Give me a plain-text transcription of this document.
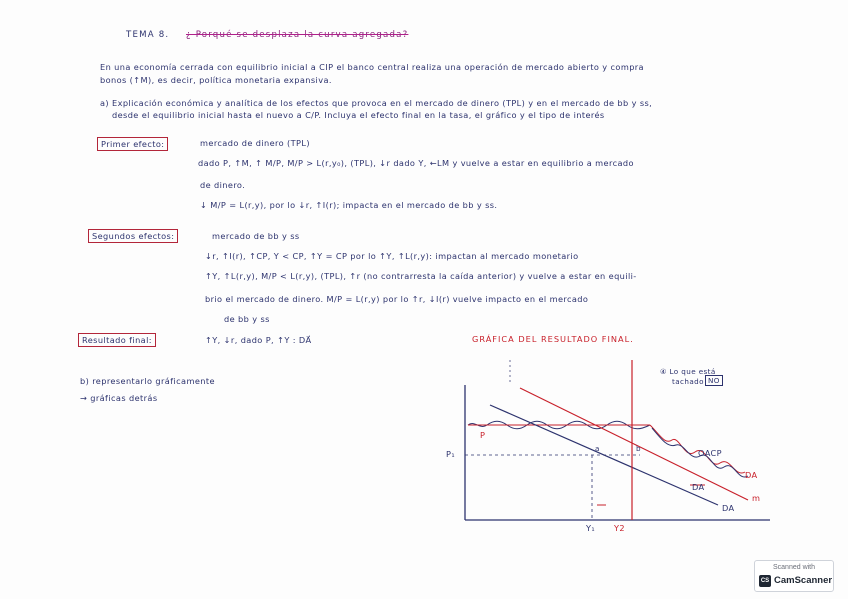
TEMA 8. ¿ Porqué se desplaza la curva agregada?
En una economía cerrada con equilibrio inicial a CIP el banco central realiza una operación de mercado abierto y compra
bonos (↑M), es decir, política monetaria expansiva.
a) Explicación económica y analítica de los efectos que provoca en el mercado de dinero (TPL) y en el mercado de bb y ss,
desde el equilibrio inicial hasta el nuevo a C/P. Incluya el efecto final en la tasa, el gráfico y el tipo de interés
Primer efecto:	mercado de dinero (TPL)
dado P, ↑M, ↑ M/P, M/P > L(r,y₀), (TPL), ↓r dado Y, ←LM y vuelve a estar en equilibrio a mercado
de dinero.
↓ M/P = L(r,y), por lo ↓r, ↑I(r); impacta en el mercado de bb y ss.
Segundos efectos:	mercado de bb y ss
↓r, ↑I(r), ↑CP, Y < CP, ↑Y = CP por lo ↑Y, ↑L(r,y): impactan al mercado monetario
↑Y, ↑L(r,y), M/P < L(r,y), (TPL), ↑r (no contrarresta la caída anterior) y vuelve a estar en equili-
brio el mercado de dinero. M/P = L(r,y) por lo ↑r, ↓I(r) vuelve impacto en el mercado
de bb y ss
Resultado final:	↑Y, ↓r, dado P, ↑Y : DA⃗
b) representarlo gráficamente
→ gráficas detrás
GRÁFICA DEL RESULTADO FINAL.
④ Lo que está
tachado NO
P
P₁
Y₁ Y2
OACP
DA
DA
DA
m
a	b
Scanned with
CS CamScanner
